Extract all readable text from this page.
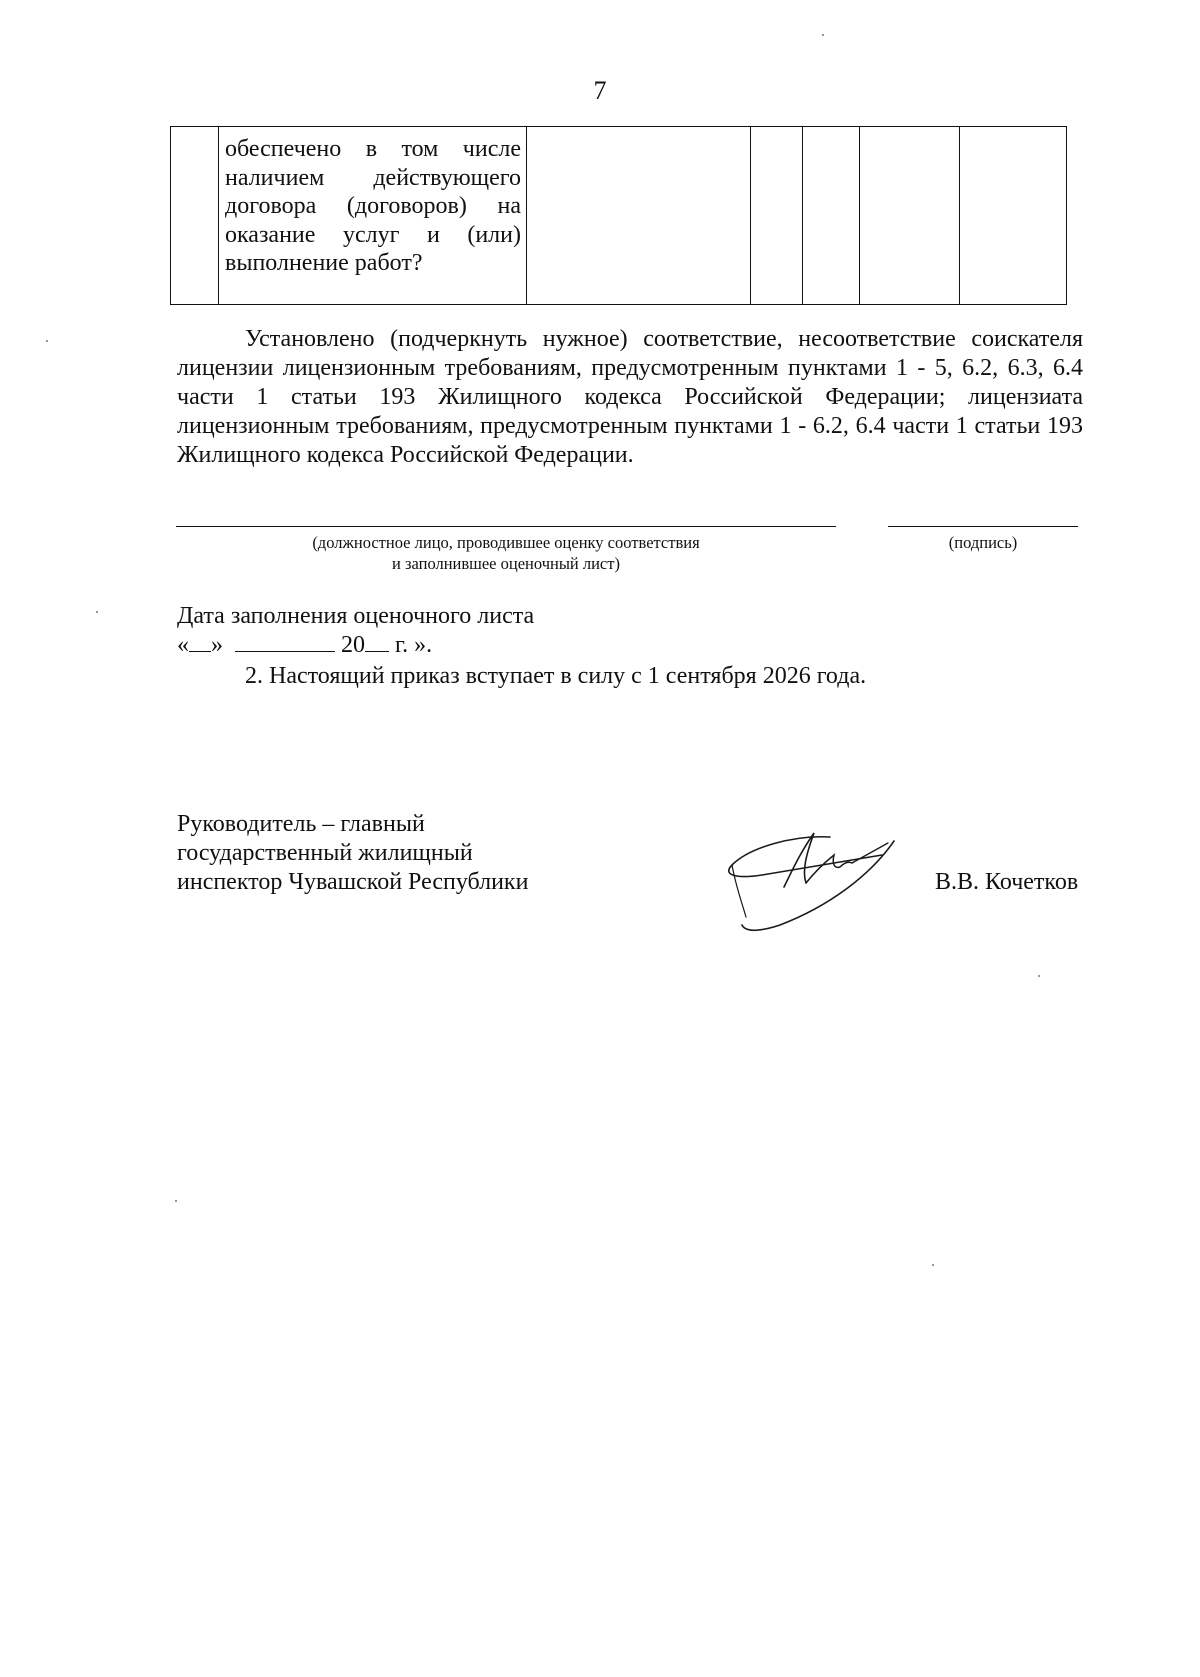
7

обеспечено в том числе наличием действующего договора (договоров) на оказание услуг и (или) выполнение работ?

Установлено (подчеркнуть нужное) соответствие, несоответствие соискателя лицензии лицензионным требованиям, предусмотренным пунктами 1 - 5, 6.2, 6.3, 6.4 части 1 статьи 193 Жилищного кодекса Российской Федерации; лицензиата лицензионным требованиям, предусмотренным пунктами 1 - 6.2, 6.4 части 1 статьи 193 Жилищного кодекса Российской Федерации.

(должностное лицо, проводившее оценку соответствия
и заполнившее оценочный лист)
(подпись)
Дата заполнения оценочного листа
« »	20 г. ».
2. Настоящий приказ вступает в силу с 1 сентября 2026 года.
Руководитель – главный
государственный жилищный
инспектор Чувашской Республики	В.В. Кочетков
